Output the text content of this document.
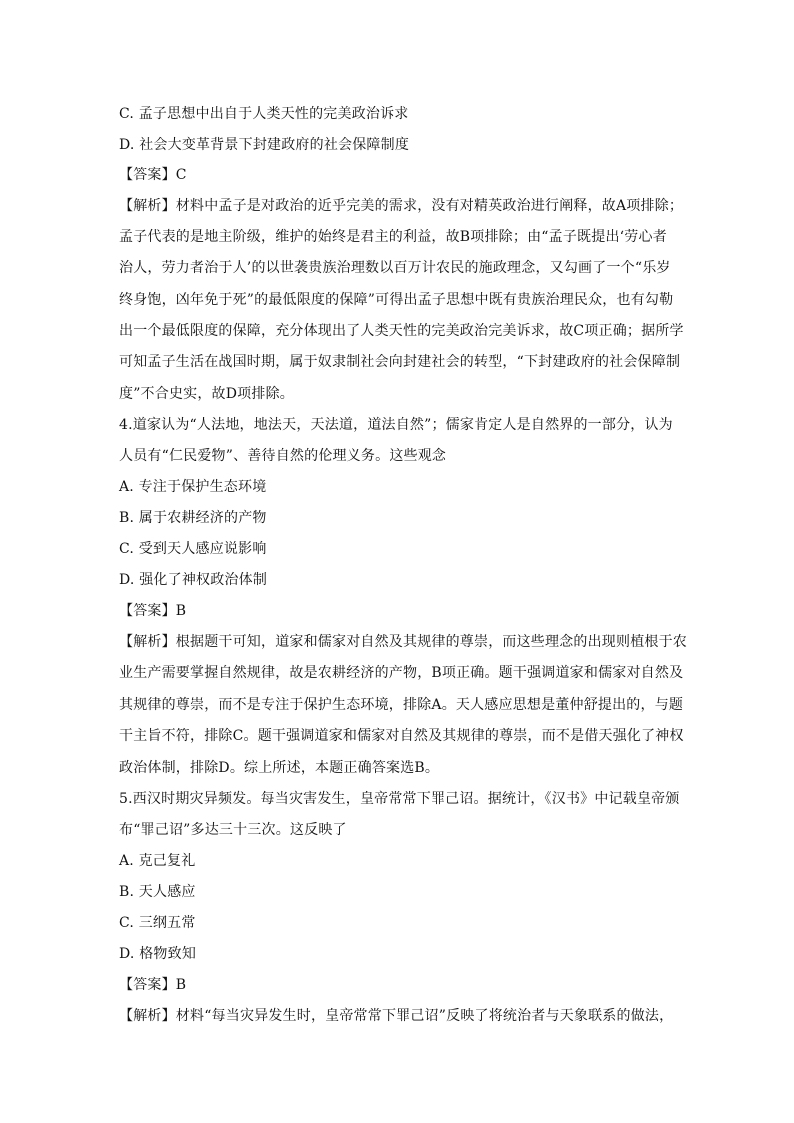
C. 孟子思想中出自于人类天性的完美政治诉求
D. 社会大变革背景下封建政府的社会保障制度
【答案】C
【解析】材料中孟子是对政治的近乎完美的需求，没有对精英政治进行阐释，故A项排除；
孟子代表的是地主阶级，维护的始终是君主的利益，故B项排除；由“孟子既提出‘劳心者
治人，劳力者治于人’的以世袭贵族治理数以百万计农民的施政理念，又勾画了一个“乐岁
终身饱，凶年免于死”的最低限度的保障”可得出孟子思想中既有贵族治理民众，也有勾勒
出一个最低限度的保障，充分体现出了人类天性的完美政治完美诉求，故C项正确；据所学
可知孟子生活在战国时期，属于奴隶制社会向封建社会的转型，“下封建政府的社会保障制
度”不合史实，故D项排除。
4.道家认为“人法地，地法天，天法道，道法自然”；儒家肯定人是自然界的一部分，认为
人员有“仁民爱物”、善待自然的伦理义务。这些观念
A. 专注于保护生态环境
B. 属于农耕经济的产物
C. 受到天人感应说影响
D. 强化了神权政治体制
【答案】B
【解析】根据题干可知，道家和儒家对自然及其规律的尊崇，而这些理念的出现则植根于农
业生产需要掌握自然规律，故是农耕经济的产物，B项正确。题干强调道家和儒家对自然及
其规律的尊崇，而不是专注于保护生态环境，排除A。天人感应思想是董仲舒提出的，与题
干主旨不符，排除C。题干强调道家和儒家对自然及其规律的尊崇，而不是借天强化了神权
政治体制，排除D。综上所述，本题正确答案选B。
5.西汉时期灾异频发。每当灾害发生，皇帝常常下罪己诏。据统计，《汉书》中记载皇帝颁
布“罪己诏”多达三十三次。这反映了
A. 克己复礼
B. 天人感应
C. 三纲五常
D. 格物致知
【答案】B
【解析】材料“每当灾异发生时，皇帝常常下罪己诏”反映了将统治者与天象联系的做法，
